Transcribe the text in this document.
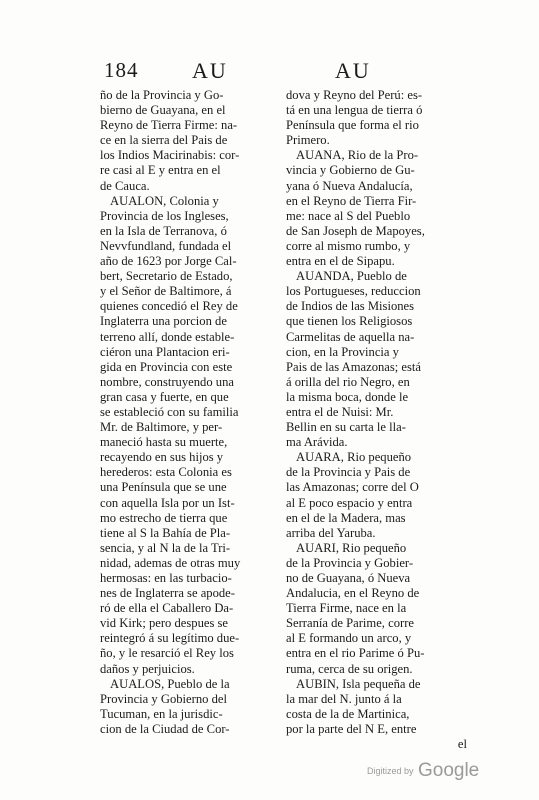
184 AU	AU
ño de la Provincia y Go-
bierno de Guayana, en el
Reyno de Tierra Firme: na-
ce en la sierra del Pais de
los Indios Macirinabis: cor-
re casi al E y entra en el
de Cauca.
AUALON, Colonia y
Provincia de los Ingleses,
en la Isla de Terranova, ó
Nevvfundland, fundada el
año de 1623 por Jorge Cal-
bert, Secretario de Estado,
y el Señor de Baltimore, á
quienes concedió el Rey de
Inglaterra una porcion de
terreno allí, donde estable-
ciéron una Plantacion eri-
gida en Provincia con este
nombre, construyendo una
gran casa y fuerte, en que
se estableció con su familia
Mr. de Baltimore, y per-
maneció hasta su muerte,
recayendo en sus hijos y
herederos: esta Colonia es
una Península que se une
con aquella Isla por un Ist-
mo estrecho de tierra que
tiene al S la Bahía de Pla-
sencia, y al N la de la Tri-
nidad, ademas de otras muy
hermosas: en las turbacio-
nes de Inglaterra se apode-
ró de ella el Caballero Da-
vid Kirk; pero despues se
reintegró á su legítimo due-
ño, y le resarció el Rey los
daños y perjuicios.
AUALOS, Pueblo de la
Provincia y Gobierno del
Tucuman, en la jurisdic-
cion de la Ciudad de Cor-
dova y Reyno del Perú: es-
tá en una lengua de tierra ó
Península que forma el rio
Primero.
AUANA, Rio de la Pro-
vincia y Gobierno de Gu-
yana ó Nueva Andalucía,
en el Reyno de Tierra Fir-
me: nace al S del Pueblo
de San Joseph de Mapoyes,
corre al mismo rumbo, y
entra en el de Sipapu.
AUANDA, Pueblo de
los Portugueses, reduccion
de Indios de las Misiones
que tienen los Religiosos
Carmelitas de aquella na-
cion, en la Provincia y
Pais de las Amazonas; está
á orilla del rio Negro, en
la misma boca, donde le
entra el de Nuisi: Mr.
Bellin en su carta le lla-
ma Arávida.
AUARA, Rio pequeño
de la Provincia y Pais de
las Amazonas; corre del O
al E poco espacio y entra
en el de la Madera, mas
arriba del Yaruba.
AUARI, Rio pequeño
de la Provincia y Gobier-
no de Guayana, ó Nueva
Andalucia, en el Reyno de
Tierra Firme, nace en la
Serranía de Parime, corre
al E formando un arco, y
entra en el rio Parime ó Pu-
ruma, cerca de su origen.
AUBIN, Isla pequeña de
la mar del N. junto á la
costa de la de Martinica,
por la parte del N E, entre
el
Digitized by Google
